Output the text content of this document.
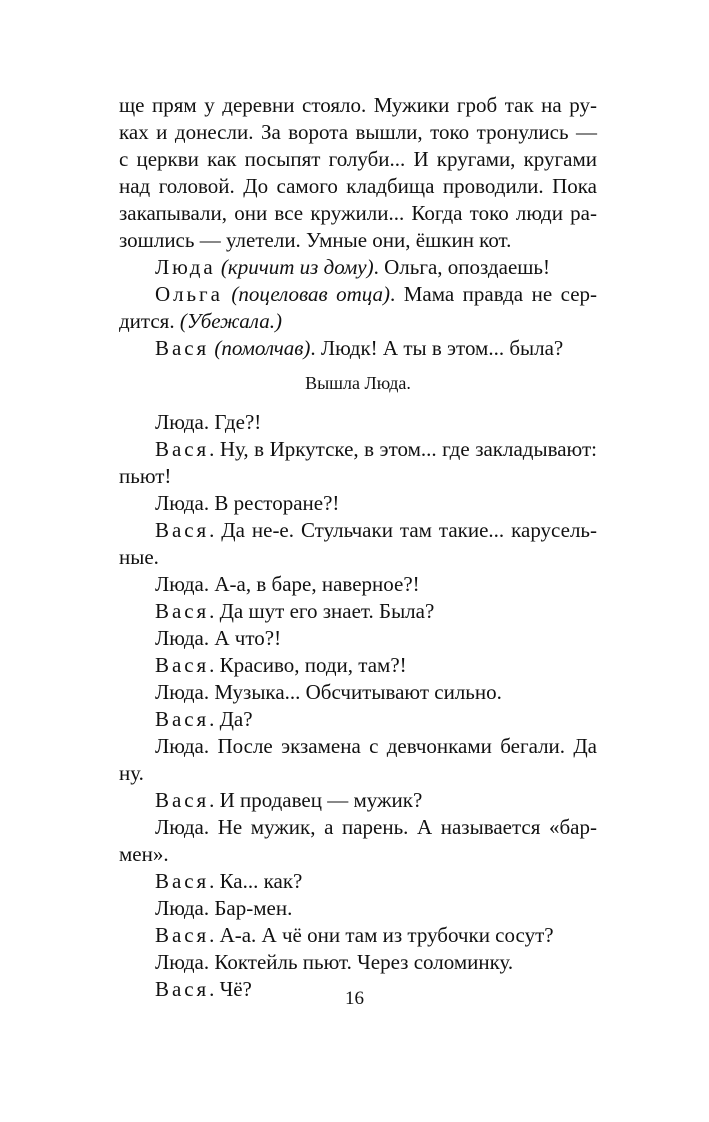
ще прям у деревни стояло. Мужики гроб так на ру-

ках и донесли. За ворота вышли, токо тронулись —

с церкви как посыпят голуби... И кругами, кругами

над головой. До самого кладбища проводили. Пока

закапывали, они все кружили... Когда токо люди ра-

зошлись — улетели. Умные они, ёшкин кот.

Люда (кричит из дому). Ольга, опоздаешь!

Ольга (поцеловав отца). Мама правда не сер-

дится. (Убежала.)

Вася (помолчав). Людк! А ты в этом... была?

Вышла Люда.

Люда. Где?!

Вася. Ну, в Иркутске, в этом... где закладывают: пьют!

Люда. В ресторане?!

Вася. Да не-е. Стульчаки там такие... карусель-ные.

Люда. А-а, в баре, наверное?!

Вася. Да шут его знает. Была?

Люда. А что?!

Вася. Красиво, поди, там?!

Люда. Музыка... Обсчитывают сильно.

Вася. Да?

Люда. После экзамена с девчонками бегали. Да ну.

Вася. И продавец — мужик?

Люда. Не мужик, а парень. А называется «бар-мен».

Вася. Ка... как?

Люда. Бар-мен.

Вася. А-а. А чё они там из трубочки сосут?

Люда. Коктейль пьют. Через соломинку.

Вася. Чё?	16
